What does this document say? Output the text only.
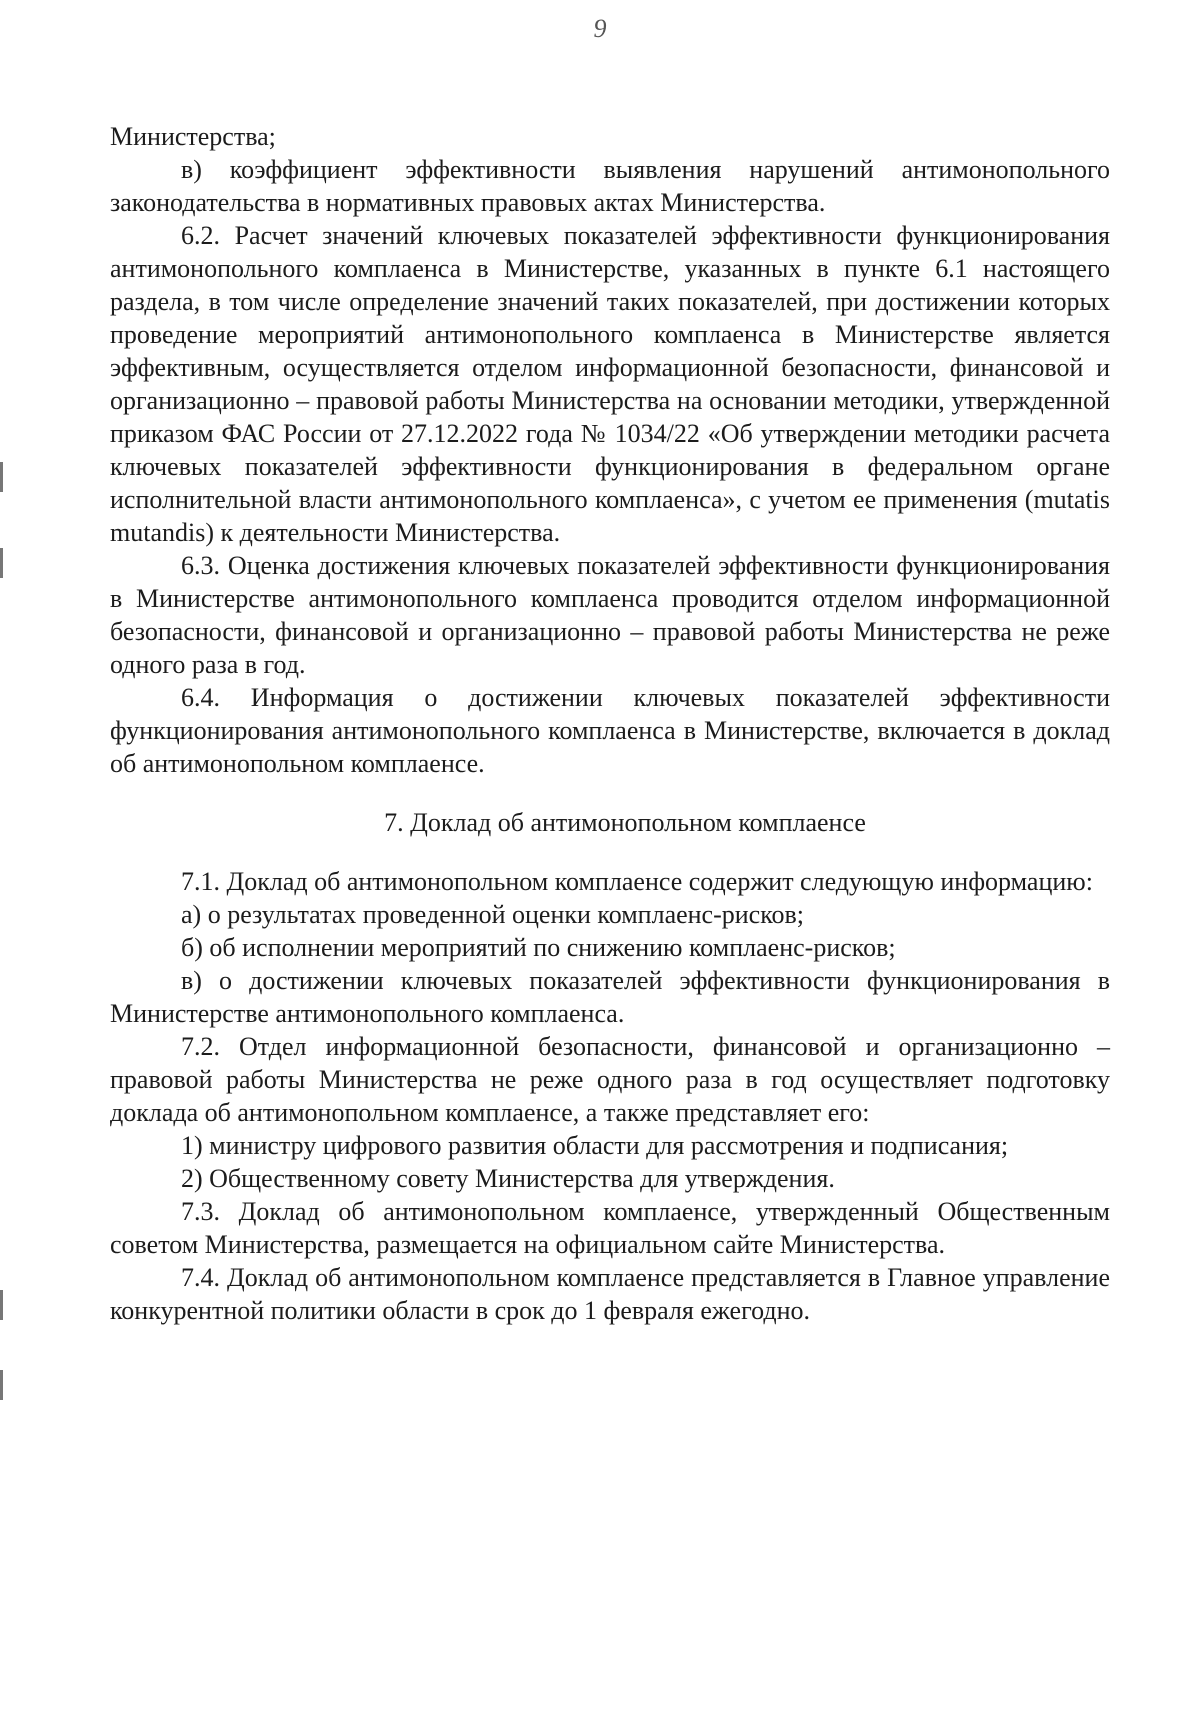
9

Министерства;

в) коэффициент эффективности выявления нарушений антимонопольного законодательства в нормативных правовых актах Министерства.

6.2. Расчет значений ключевых показателей эффективности функционирования антимонопольного комплаенса в Министерстве, указанных в пункте 6.1 настоящего раздела, в том числе определение значений таких показателей, при достижении которых проведение мероприятий антимонопольного комплаенса в Министерстве является эффективным, осуществляется отделом информационной безопасности, финансовой и организационно – правовой работы Министерства на основании методики, утвержденной приказом ФАС России от 27.12.2022 года № 1034/22 «Об утверждении методики расчета ключевых показателей эффективности функционирования в федеральном органе исполнительной власти антимонопольного комплаенса», с учетом ее применения (mutatis mutandis) к деятельности Министерства.

6.3. Оценка достижения ключевых показателей эффективности функционирования в Министерстве антимонопольного комплаенса проводится отделом информационной безопасности, финансовой и организационно – правовой работы Министерства не реже одного раза в год.

6.4. Информация о достижении ключевых показателей эффективности функционирования антимонопольного комплаенса в Министерстве, включается в доклад об антимонопольном комплаенсе.

7. Доклад об антимонопольном комплаенсе

7.1. Доклад об антимонопольном комплаенсе содержит следующую информацию:

а) о результатах проведенной оценки комплаенс-рисков;

б) об исполнении мероприятий по снижению комплаенс-рисков;

в) о достижении ключевых показателей эффективности функционирования в Министерстве антимонопольного комплаенса.

7.2. Отдел информационной безопасности, финансовой и организационно – правовой работы Министерства не реже одного раза в год осуществляет подготовку доклада об антимонопольном комплаенсе, а также представляет его:

1) министру цифрового развития области для рассмотрения и подписания;

2) Общественному совету Министерства для утверждения.

7.3. Доклад об антимонопольном комплаенсе, утвержденный Общественным советом Министерства, размещается на официальном сайте Министерства.

7.4. Доклад об антимонопольном комплаенсе представляется в Главное управление конкурентной политики области в срок до 1 февраля ежегодно.
